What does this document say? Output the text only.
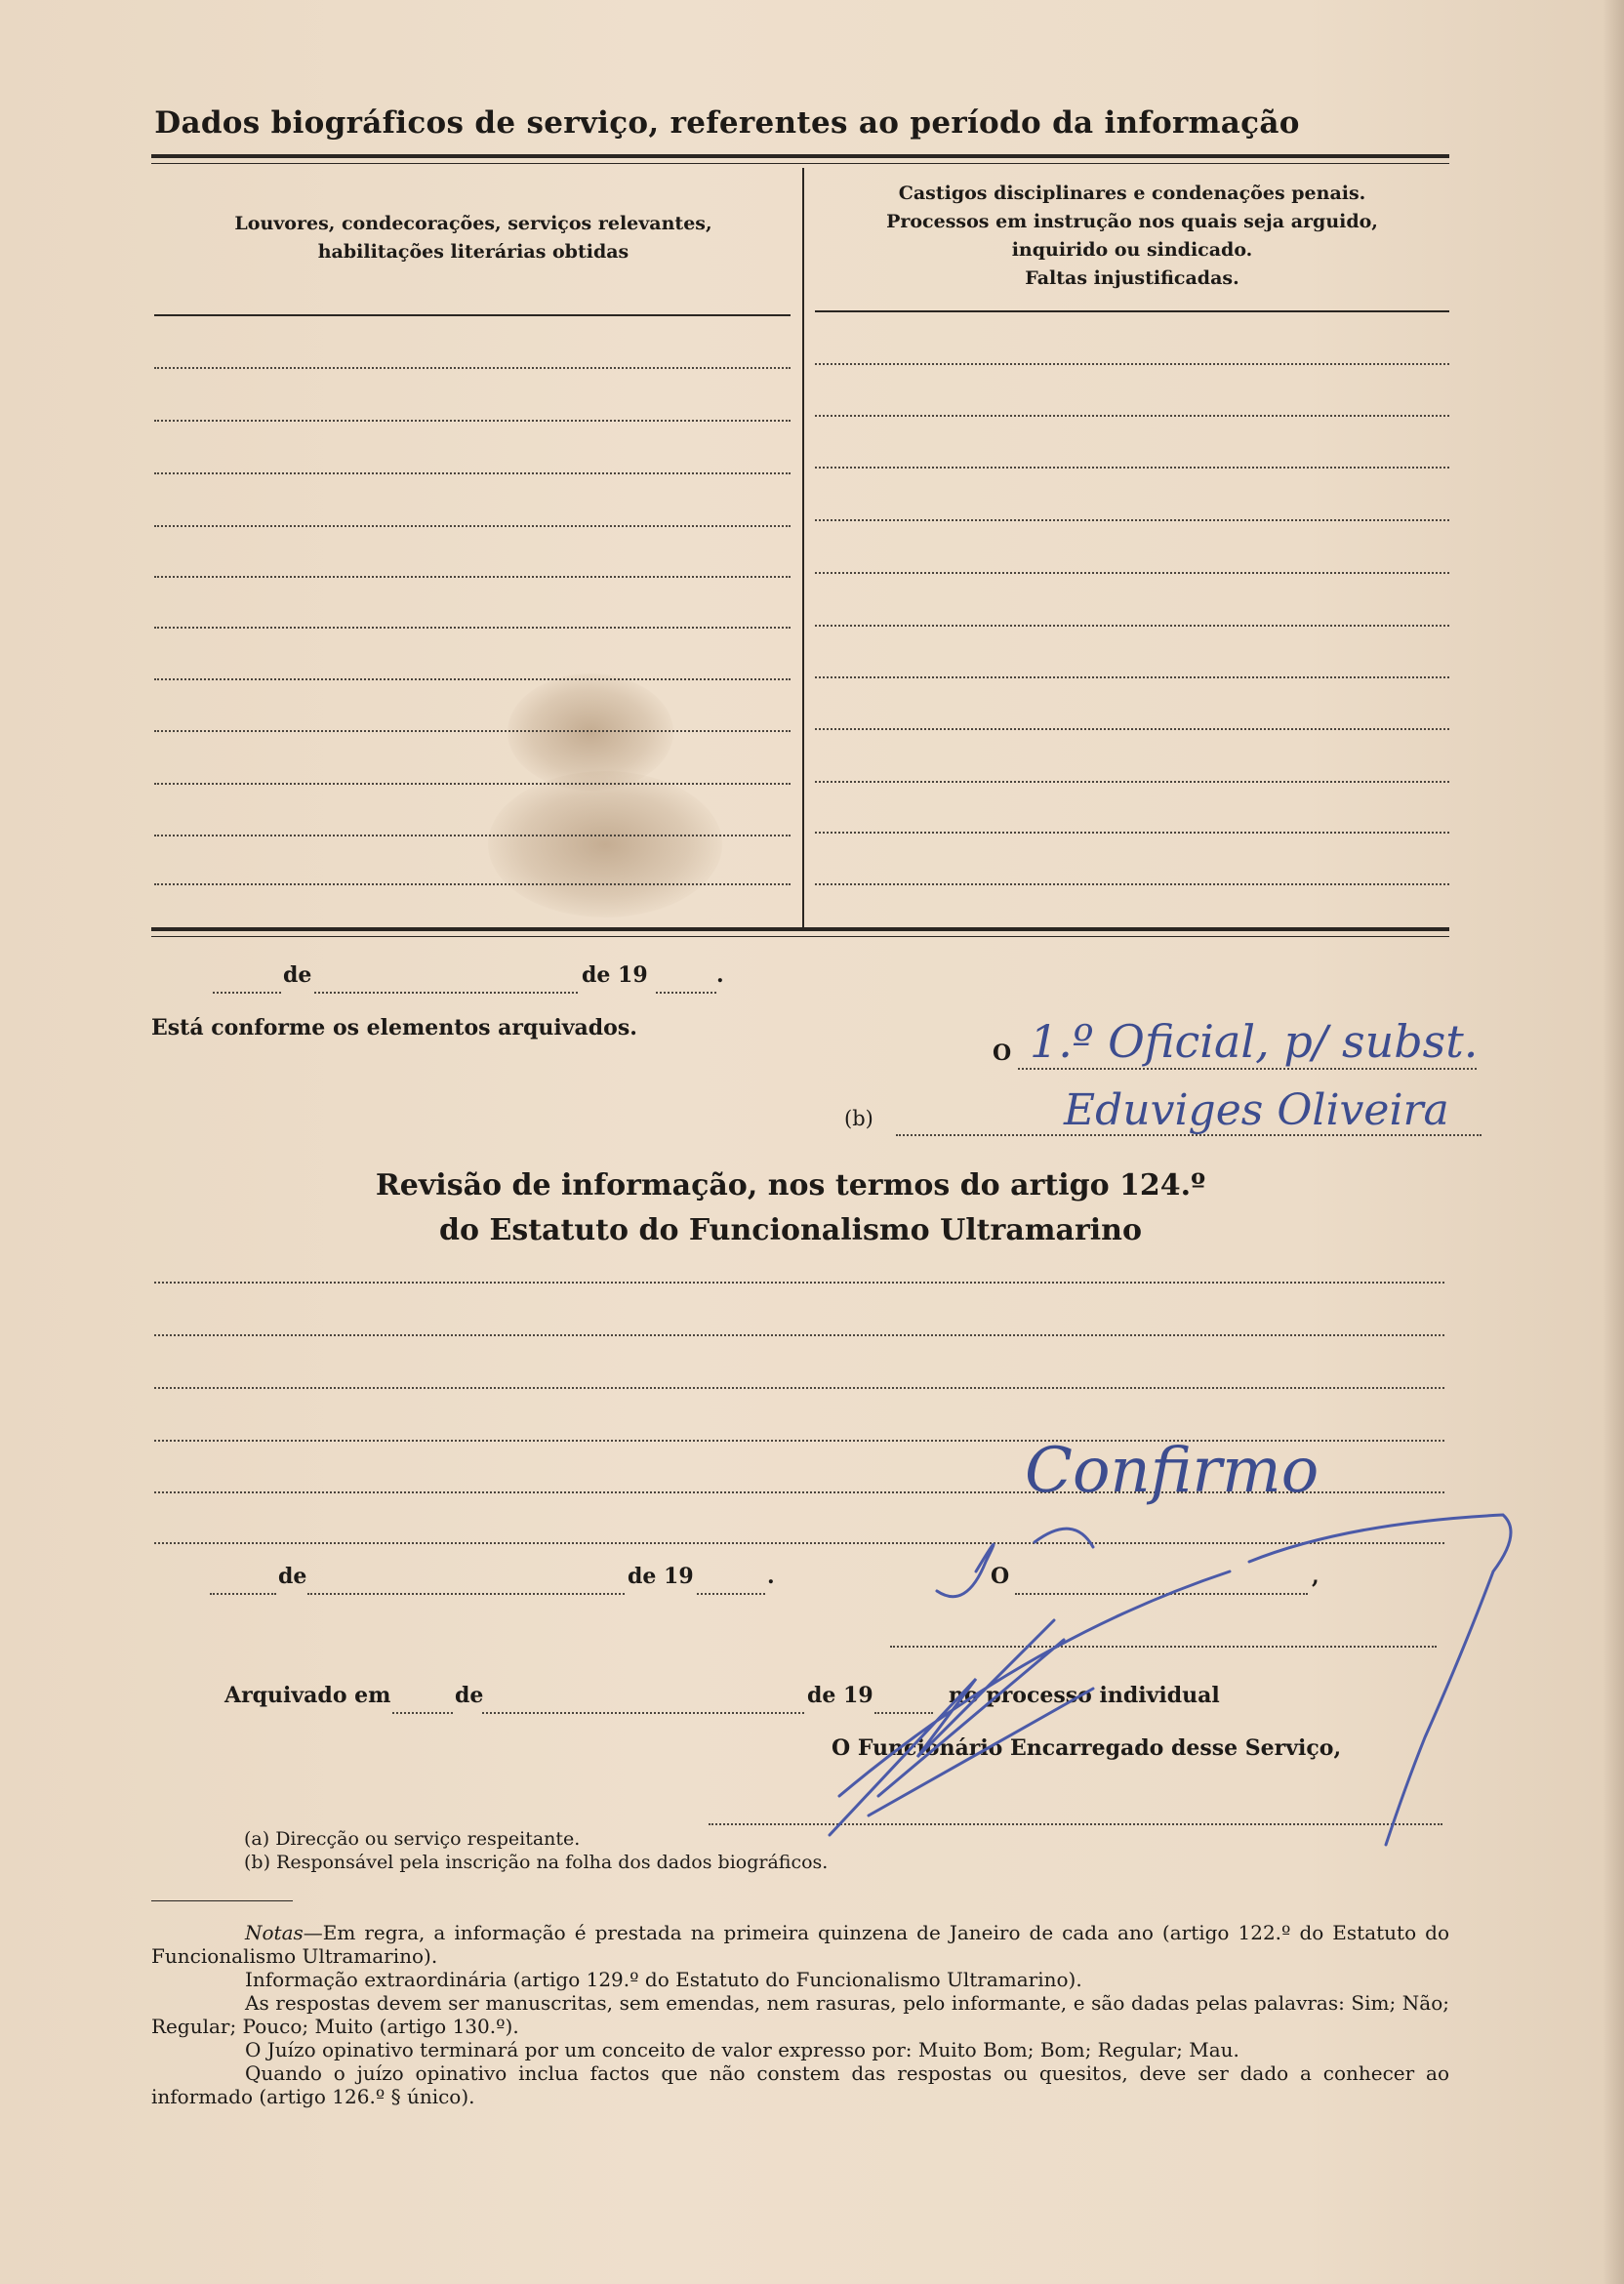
Dados biográficos de serviço, referentes ao período da informação
Louvores, condecorações, serviços relevantes,
habilitações literárias obtidas
Castigos disciplinares e condenações penais.
Processos em instrução nos quais seja arguido,
inquirido ou sindicado.
Faltas injustificadas.
de	de 19	.
Está conforme os elementos arquivados.
O 1.º Oficial, p/ subst.
(b)	Eduviges Oliveira
Revisão de informação, nos termos do artigo 124.º
do Estatuto do Funcionalismo Ultramarino
Confirmo
de	de 19	.	O	,
Arquivado em	de	de 19	no processo individual
O Funcionário Encarregado desse Serviço,
(a) Direcção ou serviço respeitante.
(b) Responsável pela inscrição na folha dos dados biográficos.

Notas—Em regra, a informação é prestada na primeira quinzena de Janeiro de cada ano (artigo 122.º do Estatuto do Funcionalismo Ultramarino).

Informação extraordinária (artigo 129.º do Estatuto do Funcionalismo Ultramarino).

As respostas devem ser manuscritas, sem emendas, nem rasuras, pelo informante, e são dadas pelas palavras: Sim; Não; Regular; Pouco; Muito (artigo 130.º).

O Juízo opinativo terminará por um conceito de valor expresso por: Muito Bom; Bom; Regular; Mau.

Quando o juízo opinativo inclua factos que não constem das respostas ou quesitos, deve ser dado a conhecer ao informado (artigo 126.º § único).
